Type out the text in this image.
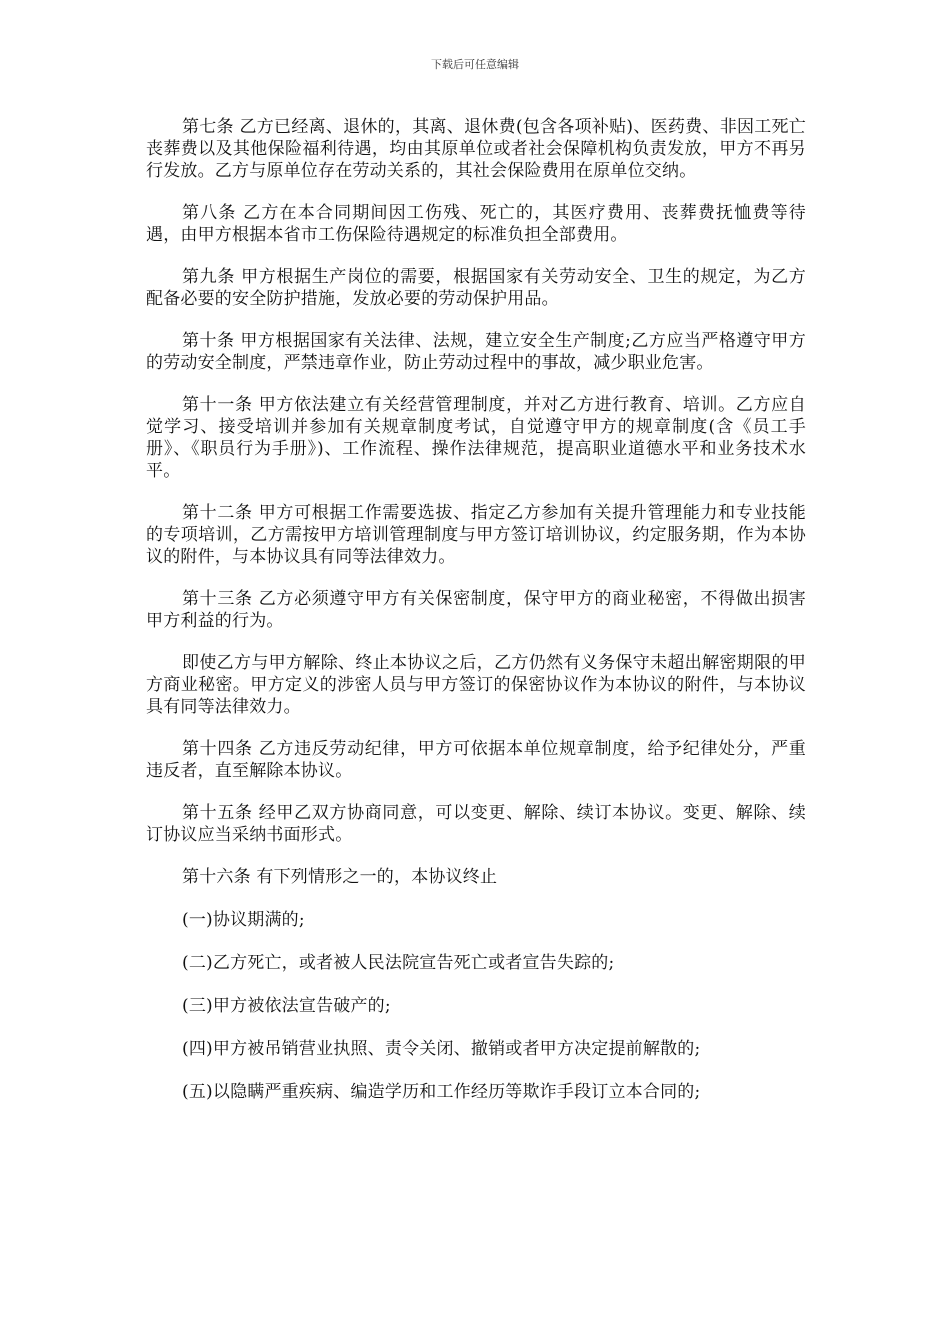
下载后可任意编辑

第七条 乙方已经离、退休的，其离、退休费(包含各项补贴)、医药费、非因工死亡丧葬费以及其他保险福利待遇，均由其原单位或者社会保障机构负责发放，甲方不再另行发放。乙方与原单位存在劳动关系的，其社会保险费用在原单位交纳。

第八条 乙方在本合同期间因工伤残、死亡的，其医疗费用、丧葬费抚恤费等待遇，由甲方根据本省市工伤保险待遇规定的标准负担全部费用。

第九条 甲方根据生产岗位的需要，根据国家有关劳动安全、卫生的规定，为乙方配备必要的安全防护措施，发放必要的劳动保护用品。

第十条 甲方根据国家有关法律、法规，建立安全生产制度;乙方应当严格遵守甲方的劳动安全制度，严禁违章作业，防止劳动过程中的事故，减少职业危害。

第十一条 甲方依法建立有关经营管理制度，并对乙方进行教育、培训。乙方应自觉学习、接受培训并参加有关规章制度考试，自觉遵守甲方的规章制度(含《员工手册》、《职员行为手册》)、工作流程、操作法律规范，提高职业道德水平和业务技术水平。

第十二条 甲方可根据工作需要选拔、指定乙方参加有关提升管理能力和专业技能的专项培训，乙方需按甲方培训管理制度与甲方签订培训协议，约定服务期，作为本协议的附件，与本协议具有同等法律效力。

第十三条 乙方必须遵守甲方有关保密制度，保守甲方的商业秘密，不得做出损害甲方利益的行为。

即使乙方与甲方解除、终止本协议之后，乙方仍然有义务保守未超出解密期限的甲方商业秘密。甲方定义的涉密人员与甲方签订的保密协议作为本协议的附件，与本协议具有同等法律效力。

第十四条 乙方违反劳动纪律，甲方可依据本单位规章制度，给予纪律处分，严重违反者，直至解除本协议。

第十五条 经甲乙双方协商同意，可以变更、解除、续订本协议。变更、解除、续订协议应当采纳书面形式。

第十六条 有下列情形之一的，本协议终止

(一)协议期满的;
(二)乙方死亡，或者被人民法院宣告死亡或者宣告失踪的;
(三)甲方被依法宣告破产的;
(四)甲方被吊销营业执照、责令关闭、撤销或者甲方决定提前解散的;
(五)以隐瞒严重疾病、编造学历和工作经历等欺诈手段订立本合同的;
